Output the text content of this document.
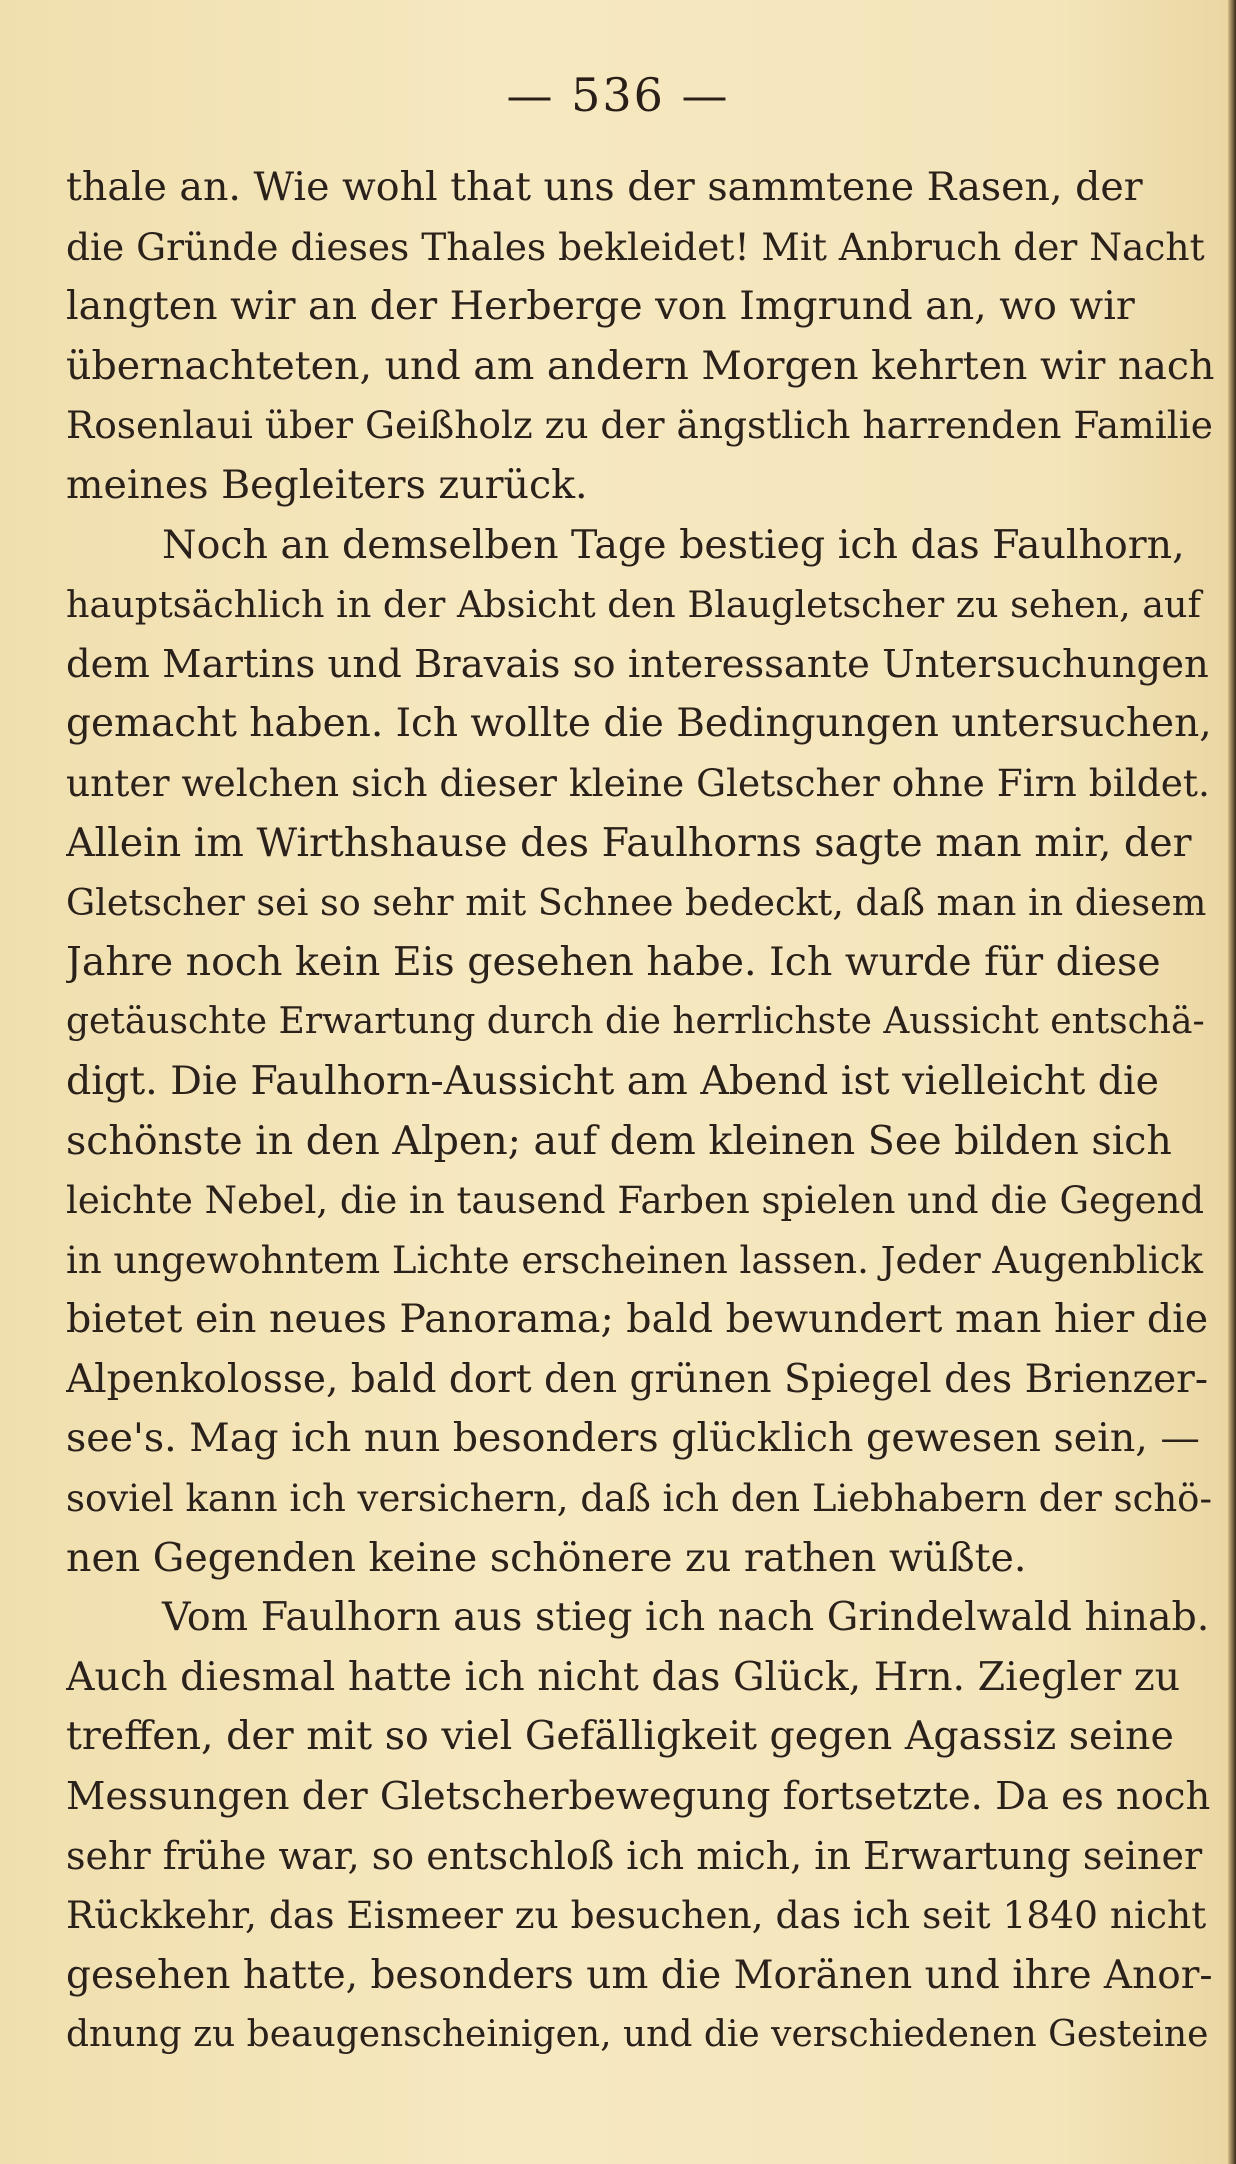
— 536 —
thale an. Wie wohl that uns der sammtene Rasen, der
die Gründe dieses Thales bekleidet! Mit Anbruch der Nacht
langten wir an der Herberge von Imgrund an, wo wir
übernachteten, und am andern Morgen kehrten wir nach
Rosenlaui über Geißholz zu der ängstlich harrenden Familie
meines Begleiters zurück.
Noch an demselben Tage bestieg ich das Faulhorn,
hauptsächlich in der Absicht den Blaugletscher zu sehen, auf
dem Martins und Bravais so interessante Untersuchungen
gemacht haben. Ich wollte die Bedingungen untersuchen,
unter welchen sich dieser kleine Gletscher ohne Firn bildet.
Allein im Wirthshause des Faulhorns sagte man mir, der
Gletscher sei so sehr mit Schnee bedeckt, daß man in diesem
Jahre noch kein Eis gesehen habe. Ich wurde für diese
getäuschte Erwartung durch die herrlichste Aussicht entschä-
digt. Die Faulhorn-Aussicht am Abend ist vielleicht die
schönste in den Alpen; auf dem kleinen See bilden sich
leichte Nebel, die in tausend Farben spielen und die Gegend
in ungewohntem Lichte erscheinen lassen. Jeder Augenblick
bietet ein neues Panorama; bald bewundert man hier die
Alpenkolosse, bald dort den grünen Spiegel des Brienzer-
see's. Mag ich nun besonders glücklich gewesen sein, —
soviel kann ich versichern, daß ich den Liebhabern der schö-
nen Gegenden keine schönere zu rathen wüßte.
Vom Faulhorn aus stieg ich nach Grindelwald hinab.
Auch diesmal hatte ich nicht das Glück, Hrn. Ziegler zu
treffen, der mit so viel Gefälligkeit gegen Agassiz seine
Messungen der Gletscherbewegung fortsetzte. Da es noch
sehr frühe war, so entschloß ich mich, in Erwartung seiner
Rückkehr, das Eismeer zu besuchen, das ich seit 1840 nicht
gesehen hatte, besonders um die Moränen und ihre Anor-
dnung zu beaugenscheinigen, und die verschiedenen Gesteine
